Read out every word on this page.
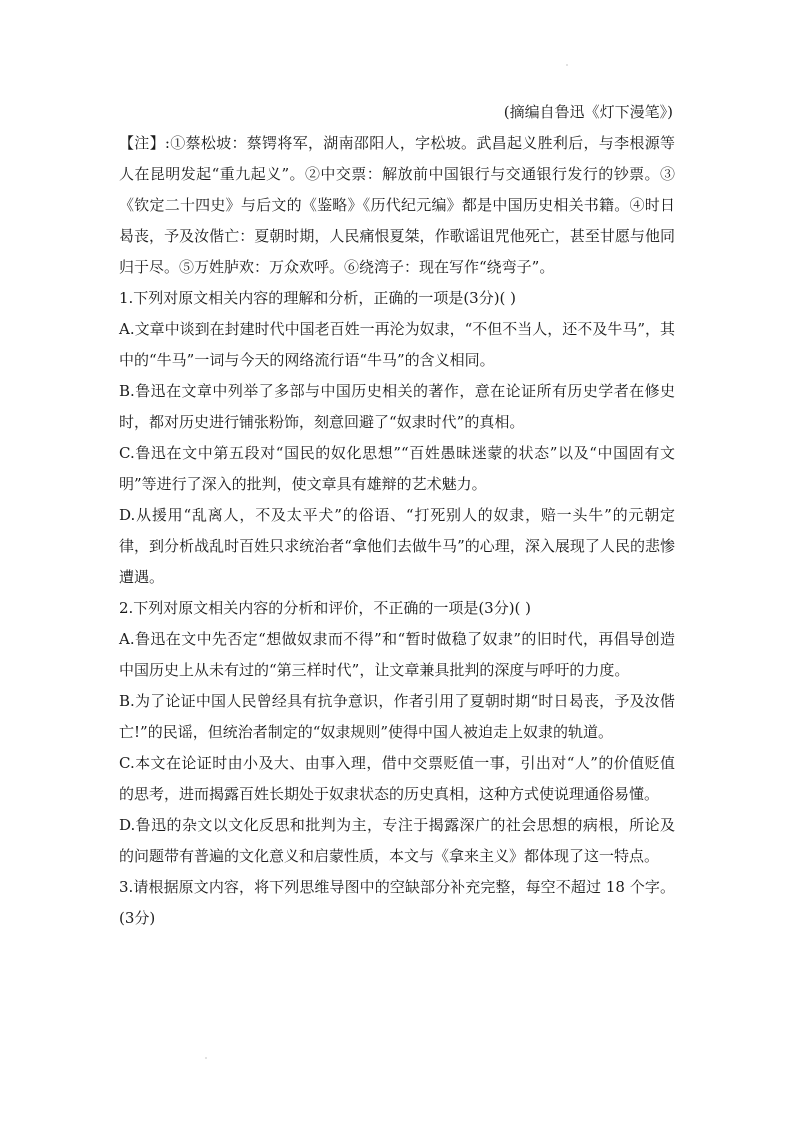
(摘编自鲁迅《灯下漫笔》)
【注】:①蔡松坡：蔡锷将军，湖南邵阳人，字松坡。武昌起义胜利后，与李根源等人在昆明发起“重九起义”。②中交票：解放前中国银行与交通银行发行的钞票。③《钦定二十四史》与后文的《鉴略》《历代纪元编》都是中国历史相关书籍。④时日曷丧，予及汝偕亡：夏朝时期，人民痛恨夏桀，作歌谣诅咒他死亡，甚至甘愿与他同归于尽。⑤万姓胪欢：万众欢呼。⑥绕湾子：现在写作“绕弯子”。
1.下列对原文相关内容的理解和分析，正确的一项是(3分)( )
A.文章中谈到在封建时代中国老百姓一再沦为奴隶，“不但不当人，还不及牛马”，其中的“牛马”一词与今天的网络流行语“牛马”的含义相同。
B.鲁迅在文章中列举了多部与中国历史相关的著作，意在论证所有历史学者在修史时，都对历史进行铺张粉饰，刻意回避了“奴隶时代”的真相。
C.鲁迅在文中第五段对“国民的奴化思想”“百姓愚昧迷蒙的状态”以及“中国固有文明”等进行了深入的批判，使文章具有雄辩的艺术魅力。
D.从援用“乱离人，不及太平犬”的俗语、“打死别人的奴隶，赔一头牛”的元朝定律，到分析战乱时百姓只求统治者“拿他们去做牛马”的心理，深入展现了人民的悲惨遭遇。
2.下列对原文相关内容的分析和评价，不正确的一项是(3分)( )
A.鲁迅在文中先否定“想做奴隶而不得”和“暂时做稳了奴隶”的旧时代，再倡导创造中国历史上从未有过的“第三样时代”，让文章兼具批判的深度与呼吁的力度。
B.为了论证中国人民曾经具有抗争意识，作者引用了夏朝时期“时日曷丧，予及汝偕亡!”的民谣，但统治者制定的“奴隶规则”使得中国人被迫走上奴隶的轨道。
C.本文在论证时由小及大、由事入理，借中交票贬值一事，引出对“人”的价值贬值的思考，进而揭露百姓长期处于奴隶状态的历史真相，这种方式使说理通俗易懂。
D.鲁迅的杂文以文化反思和批判为主，专注于揭露深广的社会思想的病根，所论及的问题带有普遍的文化意义和启蒙性质，本文与《拿来主义》都体现了这一特点。
3.请根据原文内容，将下列思维导图中的空缺部分补充完整，每空不超过 18 个字。(3分)
